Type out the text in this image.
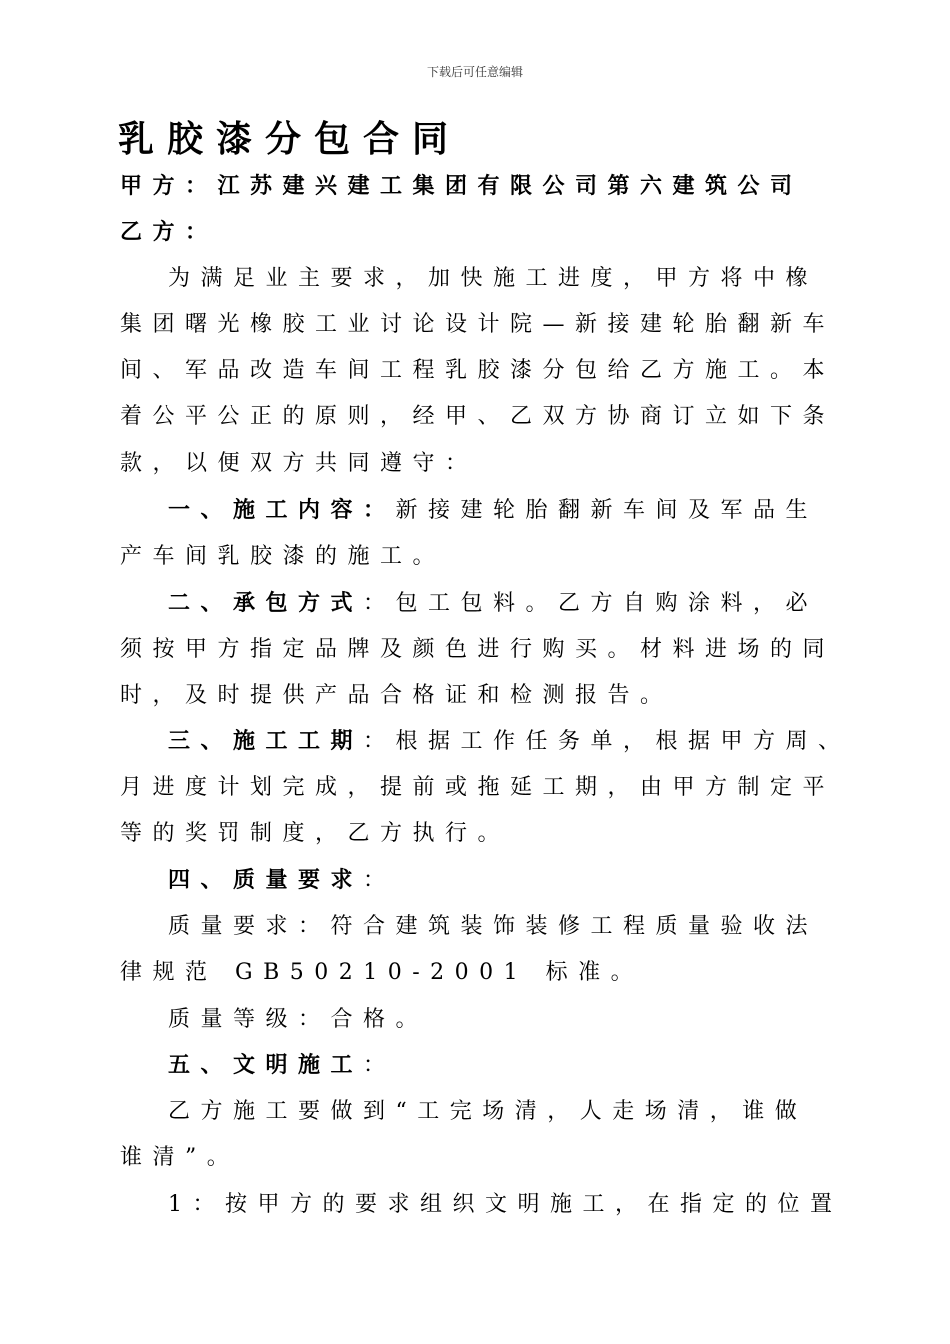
下载后可任意编辑
乳胶漆分包合同
甲方：江苏建兴建工集团有限公司第六建筑公司
乙方：
为满足业主要求，加快施工进度，甲方将中橡
集团曙光橡胶工业讨论设计院—新接建轮胎翻新车
间、军品改造车间工程乳胶漆分包给乙方施工。本
着公平公正的原则，经甲、乙双方协商订立如下条
款，以便双方共同遵守：
一、施工内容：新接建轮胎翻新车间及军品生
产车间乳胶漆的施工。
二、承包方式：包工包料。乙方自购涂料，必
须按甲方指定品牌及颜色进行购买。材料进场的同
时，及时提供产品合格证和检测报告。
三、施工工期：根据工作任务单，根据甲方周、
月进度计划完成，提前或拖延工期，由甲方制定平
等的奖罚制度，乙方执行。
四、质量要求：
质量要求：符合建筑装饰装修工程质量验收法
律规范 GB50210-2001 标准。
质量等级：合格。
五、文明施工：
乙方施工要做到“工完场清，人走场清，谁做
谁清”。
1：按甲方的要求组织文明施工，在指定的位置
